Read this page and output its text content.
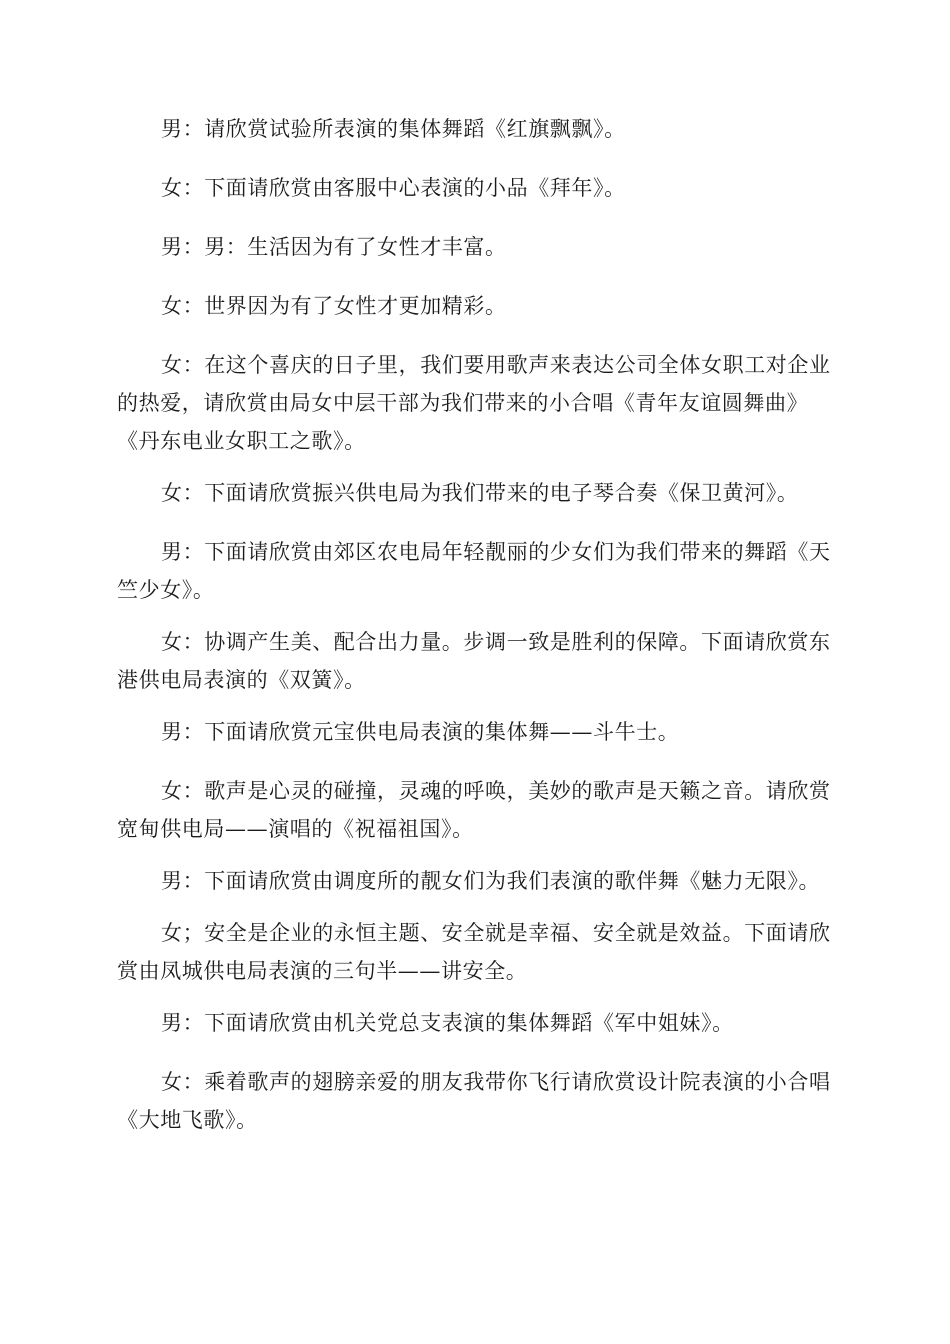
男：请欣赏试验所表演的集体舞蹈《红旗飘飘》。

女：下面请欣赏由客服中心表演的小品《拜年》。

男：男：生活因为有了女性才丰富。

女：世界因为有了女性才更加精彩。

女：在这个喜庆的日子里，我们要用歌声来表达公司全体女职工对企业的热爱，请欣赏由局女中层干部为我们带来的小合唱《青年友谊圆舞曲》《丹东电业女职工之歌》。

女：下面请欣赏振兴供电局为我们带来的电子琴合奏《保卫黄河》。

男：下面请欣赏由郊区农电局年轻靓丽的少女们为我们带来的舞蹈《天竺少女》。

女：协调产生美、配合出力量。步调一致是胜利的保障。下面请欣赏东港供电局表演的《双簧》。

男：下面请欣赏元宝供电局表演的集体舞——斗牛士。

女：歌声是心灵的碰撞，灵魂的呼唤，美妙的歌声是天籁之音。请欣赏宽甸供电局——演唱的《祝福祖国》。

男：下面请欣赏由调度所的靓女们为我们表演的歌伴舞《魅力无限》。

女；安全是企业的永恒主题、安全就是幸福、安全就是效益。下面请欣赏由凤城供电局表演的三句半——讲安全。

男：下面请欣赏由机关党总支表演的集体舞蹈《军中姐妹》。

女：乘着歌声的翅膀亲爱的朋友我带你飞行请欣赏设计院表演的小合唱《大地飞歌》。
